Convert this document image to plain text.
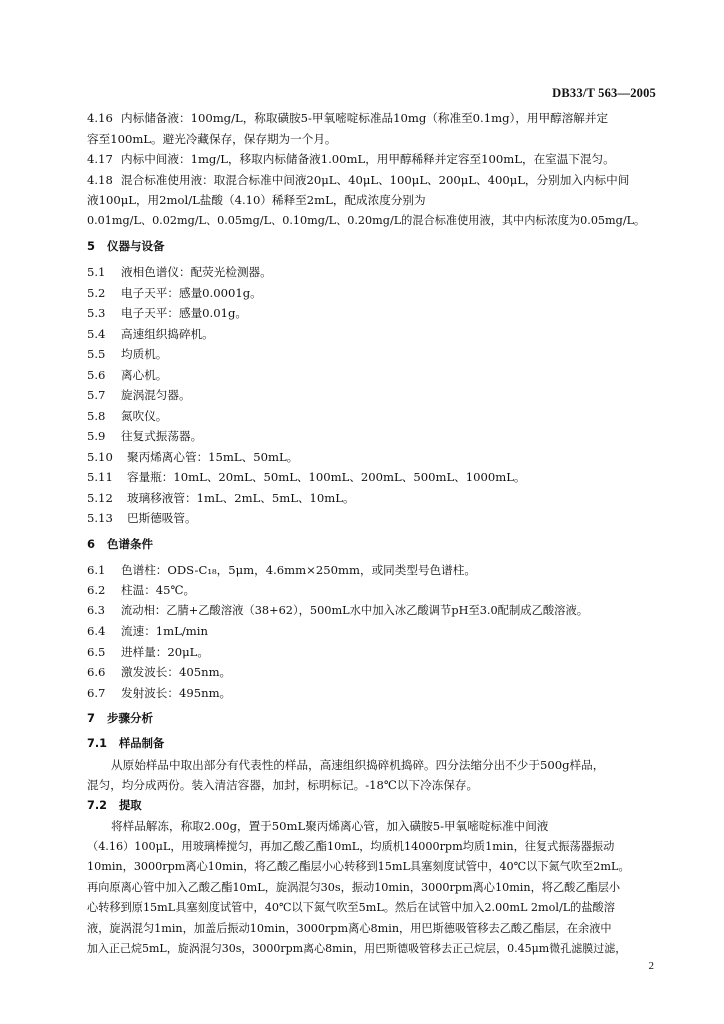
DB33/T 563—2005
4.16 内标储备液：100mg/L，称取磺胺5-甲氧嘧啶标准品10mg（称准至0.1mg），用甲醇溶解并定
容至100mL。避光冷藏保存，保存期为一个月。
4.17 内标中间液：1mg/L，移取内标储备液1.00mL，用甲醇稀释并定容至100mL，在室温下混匀。
4.18 混合标准使用液：取混合标准中间液20μL、40μL、100μL、200μL、400μL，分别加入内标中间
液100μL，用2mol/L盐酸（4.10）稀释至2mL，配成浓度分别为
0.01mg/L、0.02mg/L、0.05mg/L、0.10mg/L、0.20mg/L的混合标准使用液，其中内标浓度为0.05mg/L。
5 仪器与设备
5.1 液相色谱仪：配荧光检测器。
5.2 电子天平：感量0.0001g。
5.3 电子天平：感量0.01g。
5.4 高速组织捣碎机。
5.5 均质机。
5.6 离心机。
5.7 旋涡混匀器。
5.8 氮吹仪。
5.9 往复式振荡器。
5.10 聚丙烯离心管：15mL、50mL。
5.11 容量瓶：10mL、20mL、50mL、100mL、200mL、500mL、1000mL。
5.12 玻璃移液管：1mL、2mL、5mL、10mL。
5.13 巴斯德吸管。
6 色谱条件
6.1 色谱柱：ODS-C₁₈，5μm，4.6mm×250mm，或同类型号色谱柱。
6.2 柱温：45℃。
6.3 流动相：乙腈+乙酸溶液（38+62），500mL水中加入冰乙酸调节pH至3.0配制成乙酸溶液。
6.4 流速：1mL/min
6.5 进样量：20μL。
6.6 激发波长：405nm。
6.7 发射波长：495nm。
7 步骤分析
7.1 样品制备
从原始样品中取出部分有代表性的样品，高速组织捣碎机捣碎。四分法缩分出不少于500g样品，
混匀，均分成两份。装入清洁容器，加封，标明标记。-18℃以下冷冻保存。
7.2 提取
将样品解冻，称取2.00g，置于50mL聚丙烯离心管，加入磺胺5-甲氧嘧啶标准中间液
（4.16）100μL，用玻璃棒搅匀，再加乙酸乙酯10mL，均质机14000rpm均质1min，往复式振荡器振动
10min，3000rpm离心10min，将乙酸乙酯层小心转移到15mL具塞刻度试管中，40℃以下氮气吹至2mL。
再向原离心管中加入乙酸乙酯10mL，旋涡混匀30s，振动10min，3000rpm离心10min，将乙酸乙酯层小
心转移到原15mL具塞刻度试管中，40℃以下氮气吹至5mL。然后在试管中加入2.00mL 2mol/L的盐酸溶
液，旋涡混匀1min，加盖后振动10min，3000rpm离心8min，用巴斯德吸管移去乙酸乙酯层，在余液中
加入正己烷5mL，旋涡混匀30s，3000rpm离心8min，用巴斯德吸管移去正己烷层，0.45μm微孔滤膜过滤，
2
